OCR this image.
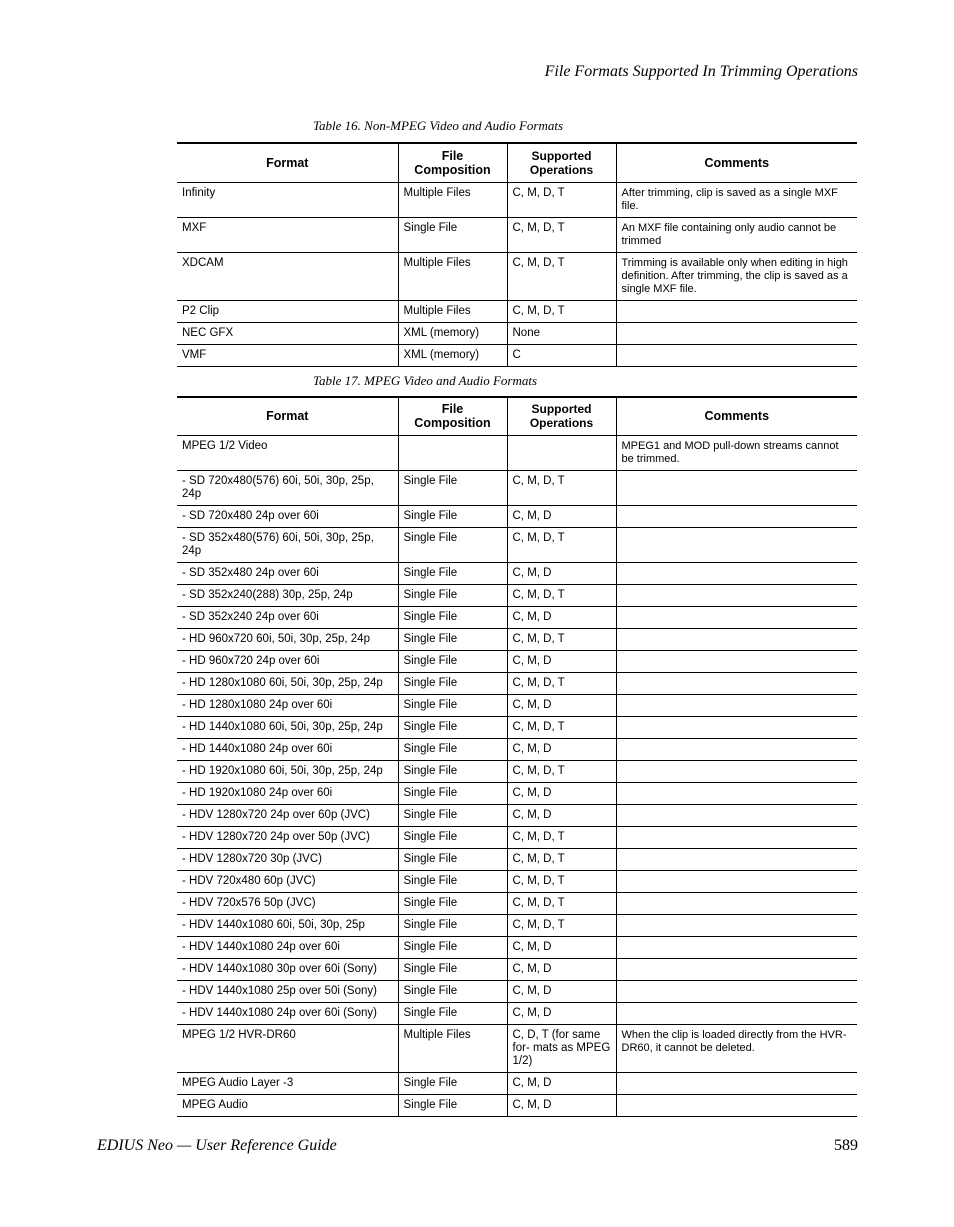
File Formats Supported In Trimming Operations
Table 16. Non-MPEG Video and Audio Formats
Format	File Composition	Supported Operations	Comments
Infinity	Multiple Files	C, M, D, T	After trimming, clip is saved as a single MXF file.
MXF	Single File	C, M, D, T	An MXF file containing only audio cannot be trimmed
XDCAM	Multiple Files	C, M, D, T	Trimming is available only when editing in high definition. After trimming, the clip is saved as a single MXF file.
P2 Clip	Multiple Files	C, M, D, T	
NEC GFX	XML (memory)	None	
VMF	XML (memory)	C	
Table 17. MPEG Video and Audio Formats
Format	File Composition	Supported Operations	Comments
MPEG 1/2 Video			MPEG1 and MOD pull-down streams cannot be trimmed.
- SD 720x480(576) 60i, 50i, 30p, 25p, 24p	Single File	C, M, D, T	
- SD 720x480 24p over 60i	Single File	C, M, D	
- SD 352x480(576) 60i, 50i, 30p, 25p, 24p	Single File	C, M, D, T	
- SD 352x480 24p over 60i	Single File	C, M, D	
- SD 352x240(288) 30p, 25p, 24p	Single File	C, M, D, T	
- SD 352x240 24p over 60i	Single File	C, M, D	
- HD 960x720 60i, 50i, 30p, 25p, 24p	Single File	C, M, D, T	
- HD 960x720 24p over 60i	Single File	C, M, D	
- HD 1280x1080 60i, 50i, 30p, 25p, 24p	Single File	C, M, D, T	
- HD 1280x1080 24p over 60i	Single File	C, M, D	
- HD 1440x1080 60i, 50i, 30p, 25p, 24p	Single File	C, M, D, T	
- HD 1440x1080 24p over 60i	Single File	C, M, D	
- HD 1920x1080 60i, 50i, 30p, 25p, 24p	Single File	C, M, D, T	
- HD 1920x1080 24p over 60i	Single File	C, M, D	
- HDV 1280x720 24p over 60p (JVC)	Single File	C, M, D	
- HDV 1280x720 24p over 50p (JVC)	Single File	C, M, D, T	
- HDV 1280x720 30p (JVC)	Single File	C, M, D, T	
- HDV 720x480 60p (JVC)	Single File	C, M, D, T	
- HDV 720x576 50p (JVC)	Single File	C, M, D, T	
- HDV 1440x1080 60i, 50i, 30p, 25p	Single File	C, M, D, T	
- HDV 1440x1080 24p over 60i	Single File	C, M, D	
- HDV 1440x1080 30p over 60i (Sony)	Single File	C, M, D	
- HDV 1440x1080 25p over 50i (Sony)	Single File	C, M, D	
- HDV 1440x1080 24p over 60i (Sony)	Single File	C, M, D	
MPEG 1/2 HVR-DR60	Multiple Files	C, D, T (for same for- mats as MPEG 1/2)	When the clip is loaded directly from the HVR- DR60, it cannot be deleted.
MPEG Audio Layer -3	Single File	C, M, D	
MPEG Audio	Single File	C, M, D	
EDIUS Neo — User Reference Guide	589
